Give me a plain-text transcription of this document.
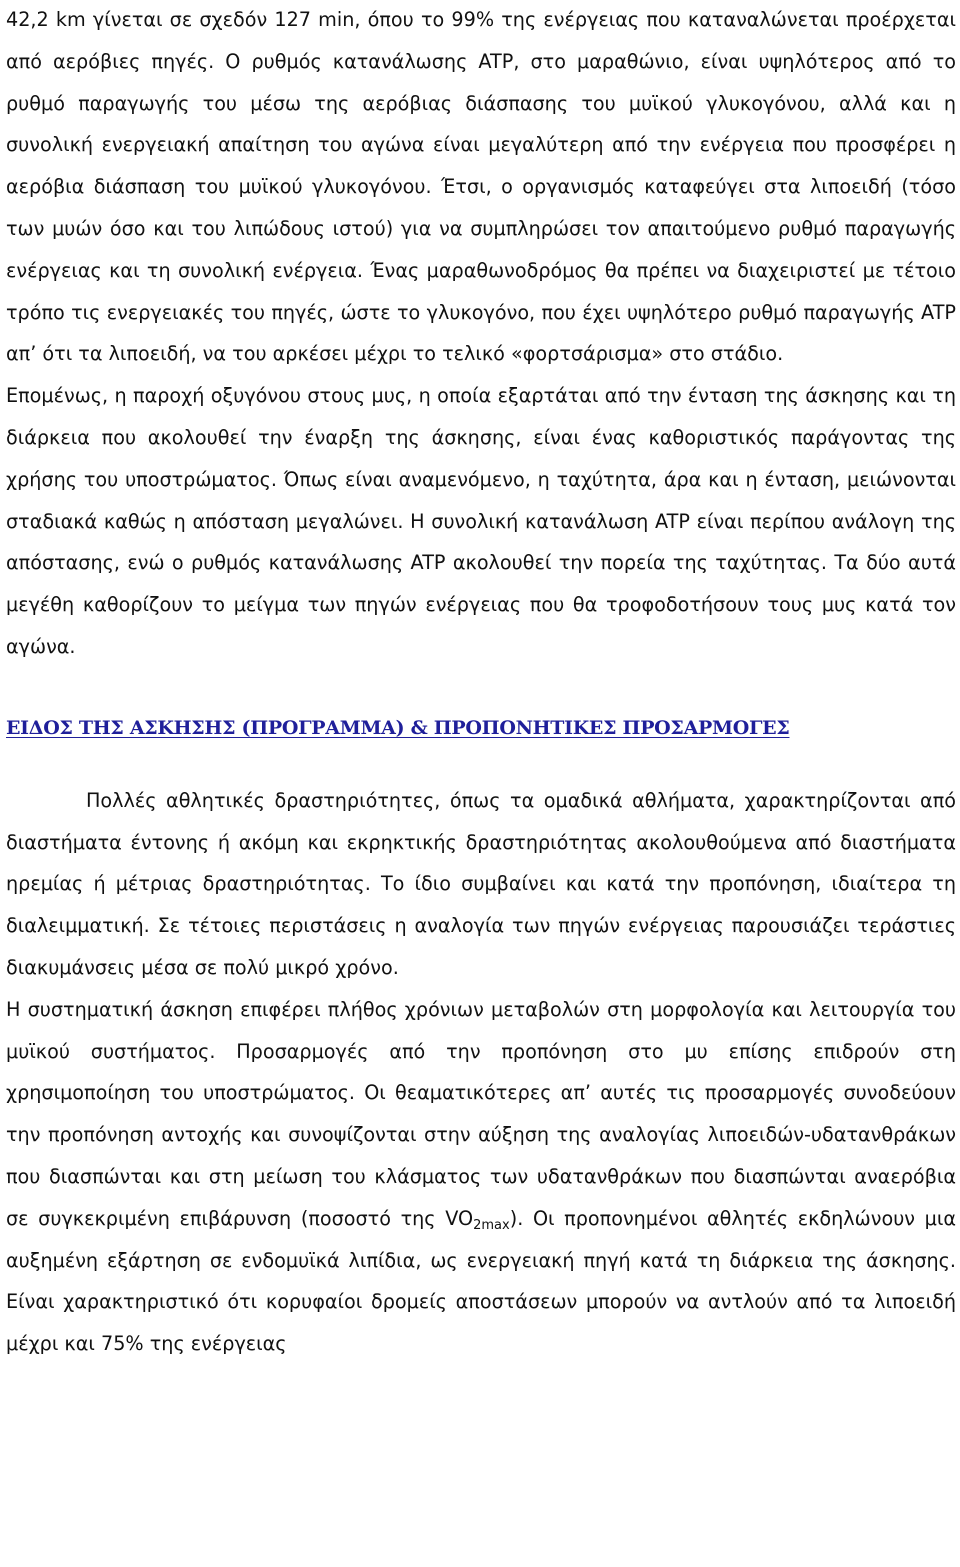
42,2 km γίνεται σε σχεδόν 127 min, όπου το 99% της ενέργειας που καταναλώνεται προέρχεται από αερόβιες πηγές. Ο ρυθμός κατανάλωσης ATP, στο μαραθώνιο, είναι υψηλότερος από το ρυθμό παραγωγής του μέσω της αερόβιας διάσπασης του μυϊκού γλυκογόνου, αλλά και η συνολική ενεργειακή απαίτηση του αγώνα είναι μεγαλύτερη από την ενέργεια που προσφέρει η αερόβια διάσπαση του μυϊκού γλυκογόνου. Έτσι, ο οργανισμός καταφεύγει στα λιποειδή (τόσο των μυών όσο και του λιπώδους ιστού) για να συμπληρώσει τον απαιτούμενο ρυθμό παραγωγής ενέργειας και τη συνολική ενέργεια. Ένας μαραθωνοδρόμος θα πρέπει να διαχειριστεί με τέτοιο τρόπο τις ενεργειακές του πηγές, ώστε το γλυκογόνο, που έχει υψηλότερο ρυθμό παραγωγής ATP απ’ ότι τα λιποειδή, να του αρκέσει μέχρι το τελικό «φορτσάρισμα» στο στάδιο.

Επομένως, η παροχή οξυγόνου στους μυς, η οποία εξαρτάται από την ένταση της άσκησης και τη διάρκεια που ακολουθεί την έναρξη της άσκησης, είναι ένας καθοριστικός παράγοντας της χρήσης του υποστρώματος. Όπως είναι αναμενόμενο, η ταχύτητα, άρα και η ένταση, μειώνονται σταδιακά καθώς η απόσταση μεγαλώνει. Η συνολική κατανάλωση ATP είναι περίπου ανάλογη της απόστασης, ενώ ο ρυθμός κατανάλωσης ATP ακολουθεί την πορεία της ταχύτητας. Τα δύο αυτά μεγέθη καθορίζουν το μείγμα των πηγών ενέργειας που θα τροφοδοτήσουν τους μυς κατά τον αγώνα.

ΕΙΔΟΣ ΤΗΣ ΑΣΚΗΣΗΣ (ΠΡΟΓΡΑΜΜΑ) & ΠΡΟΠΟΝΗΤΙΚΕΣ ΠΡΟΣΑΡΜΟΓΕΣ

Πολλές αθλητικές δραστηριότητες, όπως τα ομαδικά αθλήματα, χαρακτηρίζονται από διαστήματα έντονης ή ακόμη και εκρηκτικής δραστηριότητας ακολουθούμενα από διαστήματα ηρεμίας ή μέτριας δραστηριότητας. Το ίδιο συμβαίνει και κατά την προπόνηση, ιδιαίτερα τη διαλειμματική. Σε τέτοιες περιστάσεις η αναλογία των πηγών ενέργειας παρουσιάζει τεράστιες διακυμάνσεις μέσα σε πολύ μικρό χρόνο.

Η συστηματική άσκηση επιφέρει πλήθος χρόνιων μεταβολών στη μορφολογία και λειτουργία του μυϊκού συστήματος. Προσαρμογές από την προπόνηση στο μυ επίσης επιδρούν στη χρησιμοποίηση του υποστρώματος. Οι θεαματικότερες απ’ αυτές τις προσαρμογές συνοδεύουν την προπόνηση αντοχής και συνοψίζονται στην αύξηση της αναλογίας λιποειδών-υδατανθράκων που διασπώνται και στη μείωση του κλάσματος των υδατανθράκων που διασπώνται αναερόβια σε συγκεκριμένη επιβάρυνση (ποσοστό της $VO_{2max}$). Οι προπονημένοι αθλητές εκδηλώνουν μια αυξημένη εξάρτηση σε ενδομυϊκά λιπίδια, ως ενεργειακή πηγή κατά τη διάρκεια της άσκησης. Είναι χαρακτηριστικό ότι κορυφαίοι δρομείς αποστάσεων μπορούν να αντλούν από τα λιποειδή μέχρι και 75% της ενέργειας
